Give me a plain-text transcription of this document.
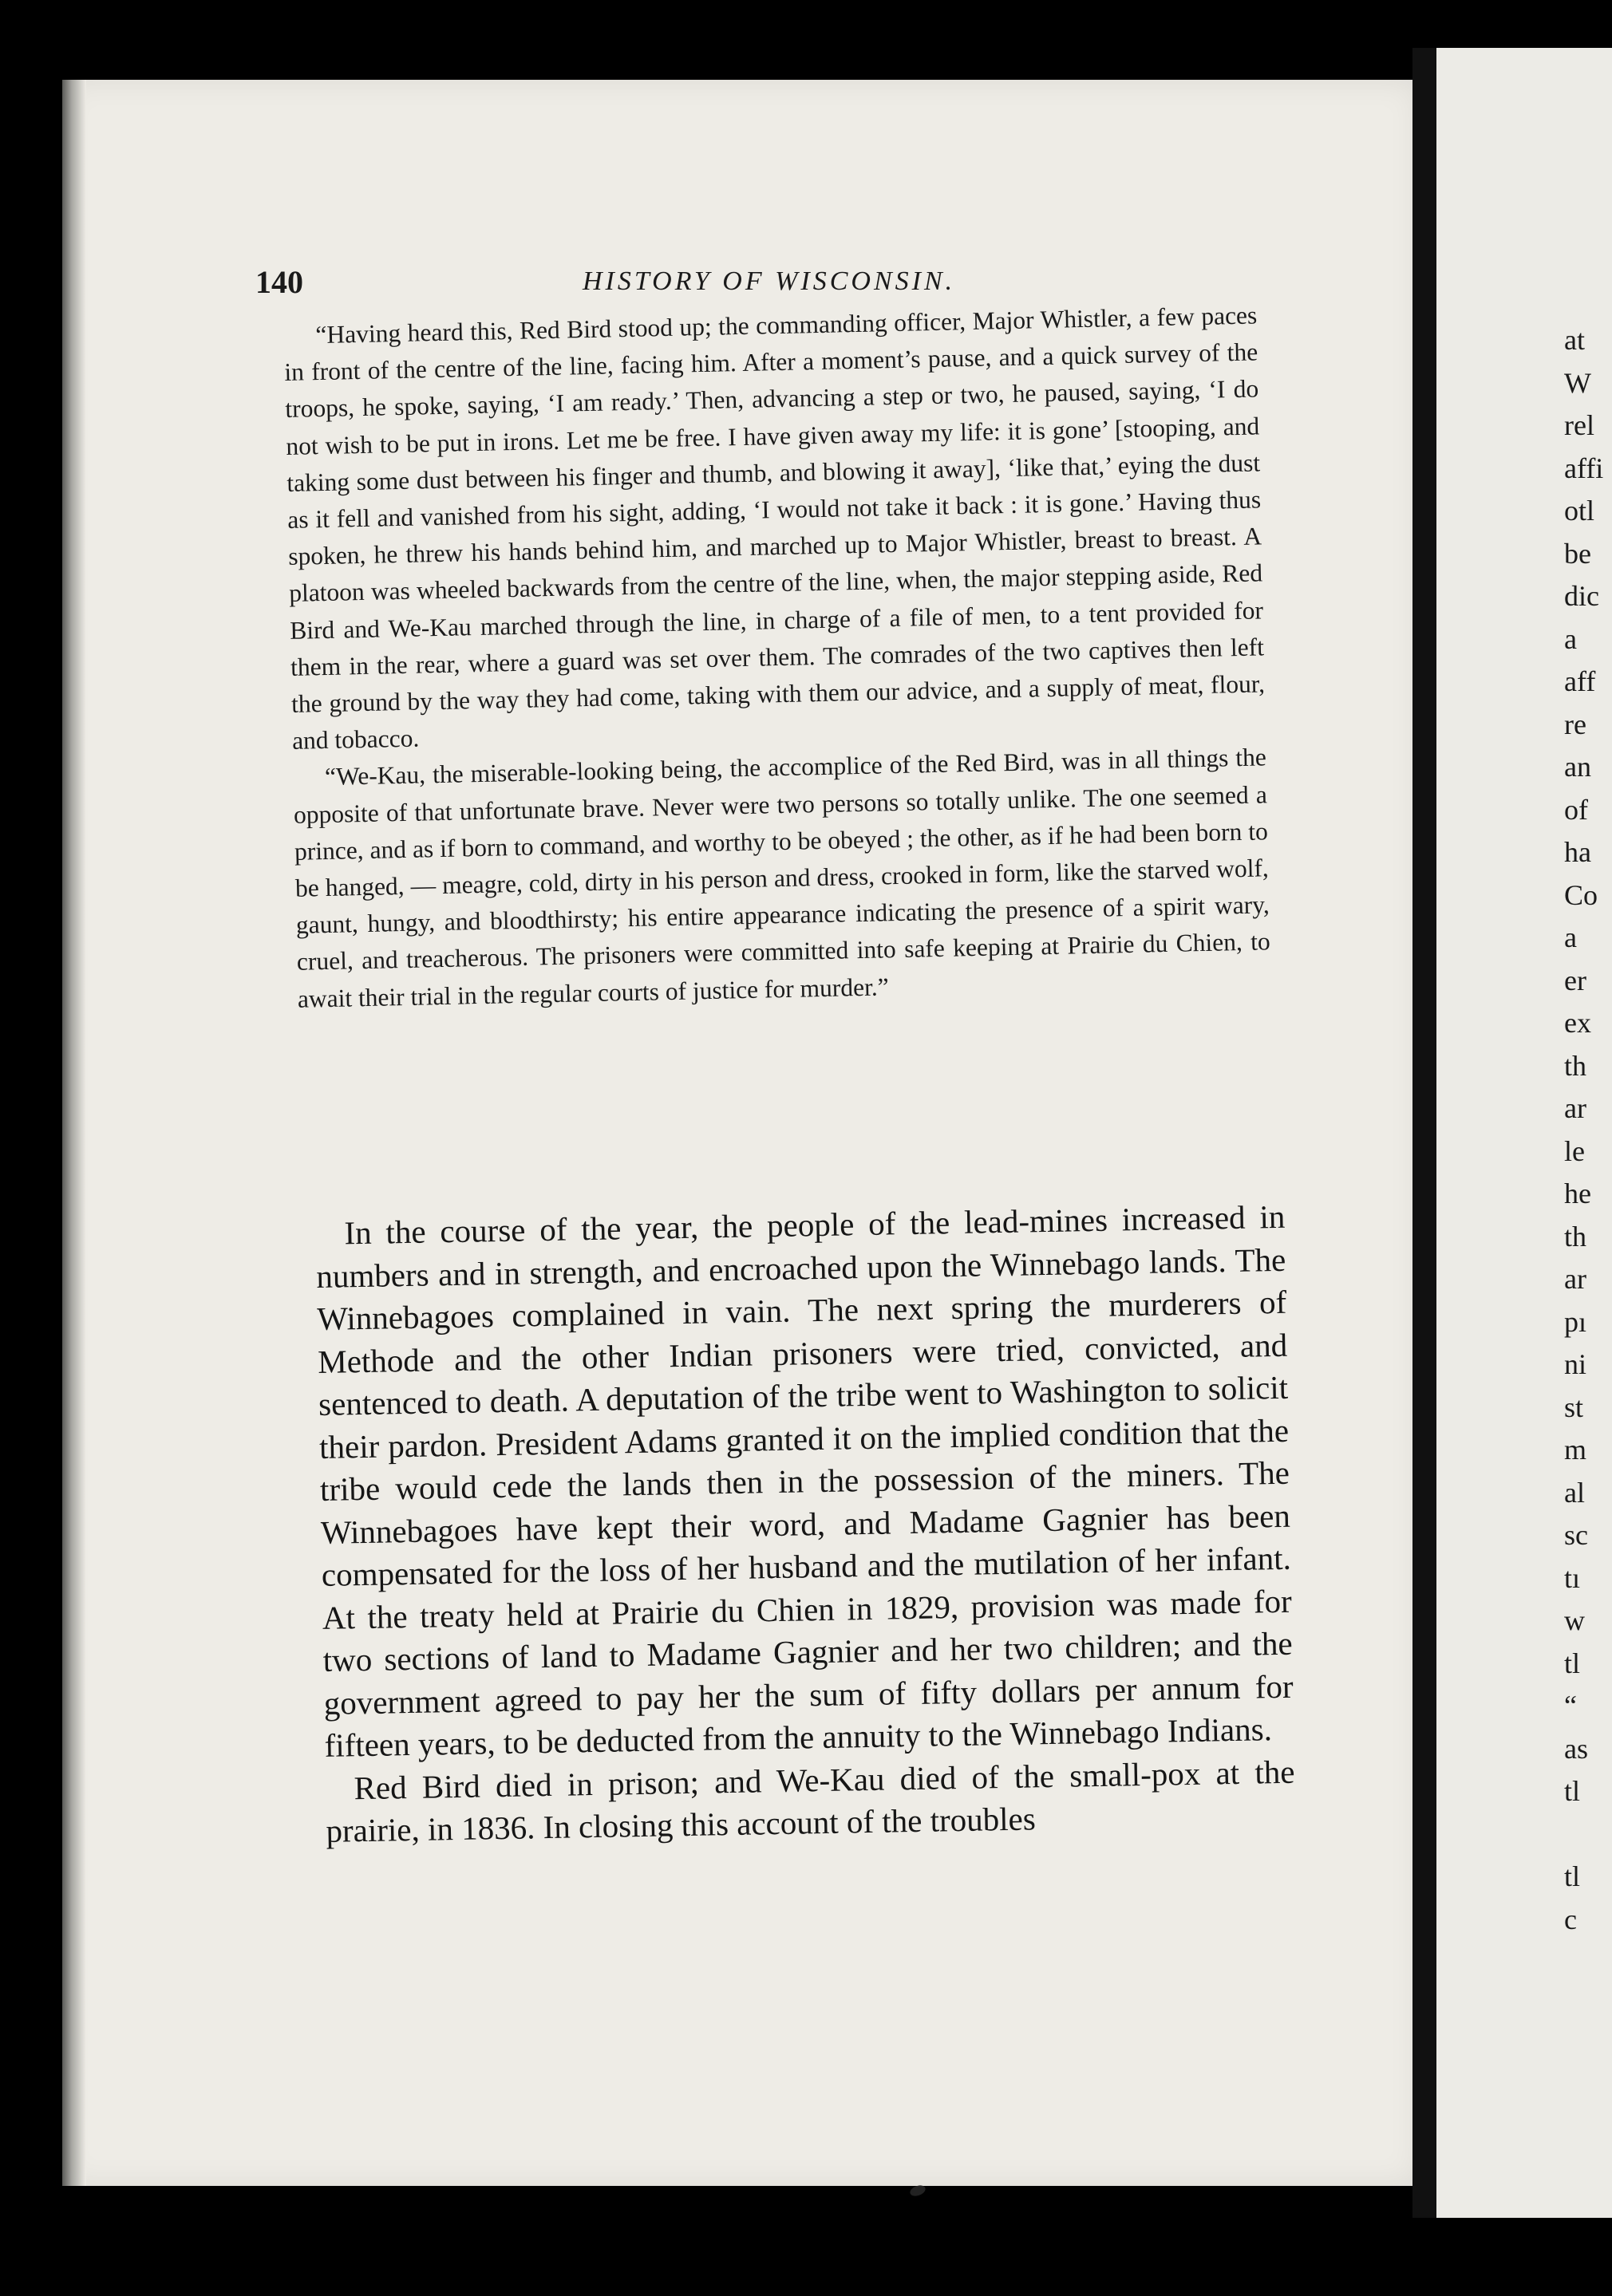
140	HISTORY OF WISCONSIN.

“Having heard this, Red Bird stood up; the commanding officer, Major Whistler, a few paces in front of the centre of the line, facing him. After a moment’s pause, and a quick survey of the troops, he spoke, saying, ‘I am ready.’ Then, advancing a step or two, he paused, saying, ‘I do not wish to be put in irons. Let me be free. I have given away my life: it is gone’ [stooping, and taking some dust between his finger and thumb, and blowing it away], ‘like that,’ eying the dust as it fell and vanished from his sight, adding, ‘I would not take it back : it is gone.’ Having thus spoken, he threw his hands behind him, and marched up to Major Whistler, breast to breast. A platoon was wheeled backwards from the centre of the line, when, the major stepping aside, Red Bird and We-Kau marched through the line, in charge of a file of men, to a tent provided for them in the rear, where a guard was set over them. The comrades of the two captives then left the ground by the way they had come, taking with them our advice, and a supply of meat, flour, and tobacco.

“We-Kau, the miserable-looking being, the accomplice of the Red Bird, was in all things the opposite of that unfortunate brave. Never were two persons so totally unlike. The one seemed a prince, and as if born to command, and worthy to be obeyed ; the other, as if he had been born to be hanged, — meagre, cold, dirty in his person and dress, crooked in form, like the starved wolf, gaunt, hungy, and bloodthirsty; his entire appearance indicating the presence of a spirit wary, cruel, and treacherous. The prisoners were committed into safe keeping at Prairie du Chien, to await their trial in the regular courts of justice for murder.”

In the course of the year, the people of the lead-mines increased in numbers and in strength, and encroached upon the Winnebago lands. The Winnebagoes complained in vain. The next spring the murderers of Methode and the other Indian prisoners were tried, convicted, and sentenced to death. A deputation of the tribe went to Washington to solicit their pardon. President Adams granted it on the implied condition that the tribe would cede the lands then in the possession of the miners. The Winnebagoes have kept their word, and Madame Gagnier has been compensated for the loss of her husband and the mutilation of her infant. At the treaty held at Prairie du Chien in 1829, provision was made for two sections of land to Madame Gagnier and her two children; and the government agreed to pay her the sum of fifty dollars per annum for fifteen years, to be deducted from the annuity to the Winnebago Indians.

Red Bird died in prison; and We-Kau died of the small-pox at the prairie, in 1836. In closing this account of the troubles

at
W
rel
affi
otl
be
dic
a
aff
re
an
of
ha
Co
a
er
ex
th
ar
le
he
th
ar
pı
ni
st
m
al
sc
tı
w
tl
“
as
tl

tl
c
